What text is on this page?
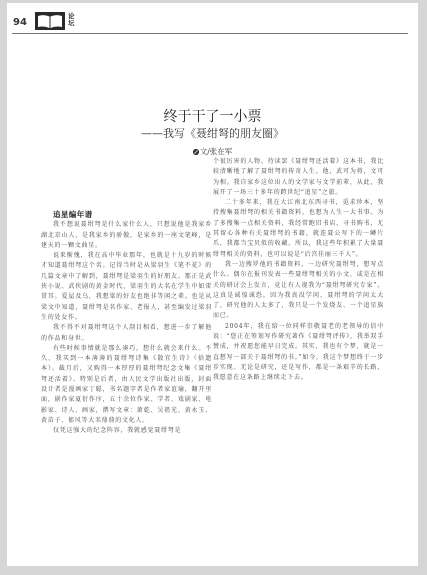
94
论坛
终于干了一小票
——我写《聂绀弩的朋友圈》
文/张在军

追星编年谱

我不想说聂绀弩是什么家什么人，只想说他是我家乡湖北京山人，是我家乡的骄傲，是家乡的一座文笔峰，是建天的一颗文曲星。

说来惭愧，我在高中毕业那年，也就是十九岁的时候才知道聂绀弩这个名。记得当时是从梁羽生《笔不花》的几篇文章中了解到，聂绀弩是梁羽生的好朋友。那正是武侠小说、武侠剧的黄金时代，梁羽生的大名在学生中如雷贯耳。爱屋及乌，我想梁的好友也绝非等闲之辈。也是从梁文中知道，聂绀弩是名作家、老报人，甚至编发过梁羽生的处女作。

我不得不对聂绀弩这个人刮目相看，想进一步了解他的作品和身世。

有些时候事情就是那么凑巧，想什么就会来什么。不久，我买到一本薄薄的聂绀弩诗集《散宜生诗》（拾遗本）。截月后，又购得一本厚厚的聂绀弩纪念文集《聂绀弩还活着》。特别是后者，由人民文学出版社出版，封面设计者是漫画家丁聪，书名题字者是作者家谊瑜，翻开里面，剧作家夏衍作序，五十余位作家、学者、戏剧家、电影家、诗人、画家，撰写文章：萧乾、吴祖光、黄永玉、黄苗子、郁风等大名鼎鼎的文化人。

仅凭这强大的纪念阵容，我就感觉聂绀弩是

个很厉害的人物。待读罢《聂绀弩还活着》这本书，我比较清晰地了解了聂绀弩的传奇人生。他，武可为将，文可为相。我自家乡这位出人的文学家与文学前辈，从此，我展开了一场三十多年的跨世纪“追星”之旅。

二十多年来，我在大江南北东西寻书，觅求珍本，坚持搜集聂绀弩的相关书籍资料，也想为人生一大书事。为了多搜集一点相关资料，我经常跑旧书店，寻书购书，尤其留心各种有关聂绀弩的书籍，就连聂公写下的一鳞片爪，我都当宝贝似的收藏。所以，我这些年积累了大量聂绀弩相关的资料，也可以说是“后宫佳丽三千人”。

我一边搜罗他的书籍资料，一边研究聂绀弩，想写点什么。偶尔在报刊发表一些聂绀弩相关的小文，或是在相关的研讨会上发言，竟让有人视我为“聂绀弩研究专家”。这真是诚惶诚恐，因为我真没学问，聂绀弩的学问太大了，研究他的人太多了，我只是一个发烧友、一个追星族而已。

2004年，我在给一位同样崇敬聂老的老领导的信中说：“您正在筹划写作研究著作《聂绀弩评传》，我举双手赞成，并祝愿您能早日完成。其实，我也有个梦，就是一直想写一部关于聂绀弩的书。”如今，我这个梦想终于一步步实现。无论是研究，还是写作，都是一条艰辛的长路，我愿意在这条路上继续走下去。
